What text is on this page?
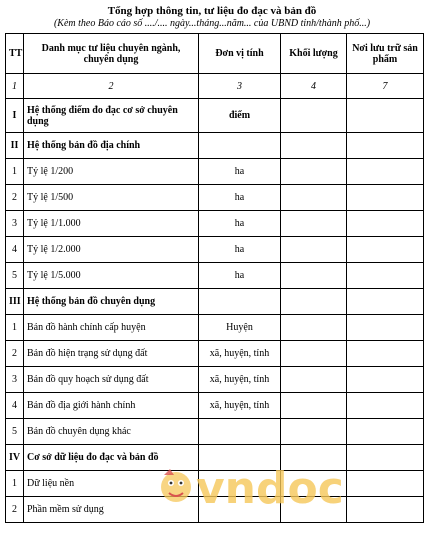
Tổng hợp thông tin, tư liệu đo đạc và bản đồ
(Kèm theo Báo cáo số ..../.... ngày...tháng...năm... của UBND tỉnh/thành phố...)
TT	Danh mục tư liệu chuyên ngành, chuyên dụng	Đơn vị tính	Khối lượng	Nơi lưu trữ sản phẩm
1	2	3	4	7
I	Hệ thống điểm đo đạc cơ sở chuyên dụng	điểm		
II	Hệ thống bản đồ địa chính			
1	Tỷ lệ 1/200	ha		
2	Tỷ lệ 1/500	ha		
3	Tỷ lệ 1/1.000	ha		
4	Tỷ lệ 1/2.000	ha		
5	Tỷ lệ 1/5.000	ha		
III	Hệ thống bản đồ chuyên dụng			
1	Bản đồ hành chính cấp huyện	Huyện		
2	Bản đồ hiện trạng sử dụng đất	xã, huyện, tỉnh		
3	Bản đồ quy hoạch sử dụng đất	xã, huyện, tỉnh		
4	Bản đồ địa giới hành chính	xã, huyện, tỉnh		
5	Bản đồ chuyên dụng khác			
IV	Cơ sở dữ liệu đo đạc và bản đồ			
1	Dữ liệu nền			
2	Phần mềm sử dụng			vndoc
